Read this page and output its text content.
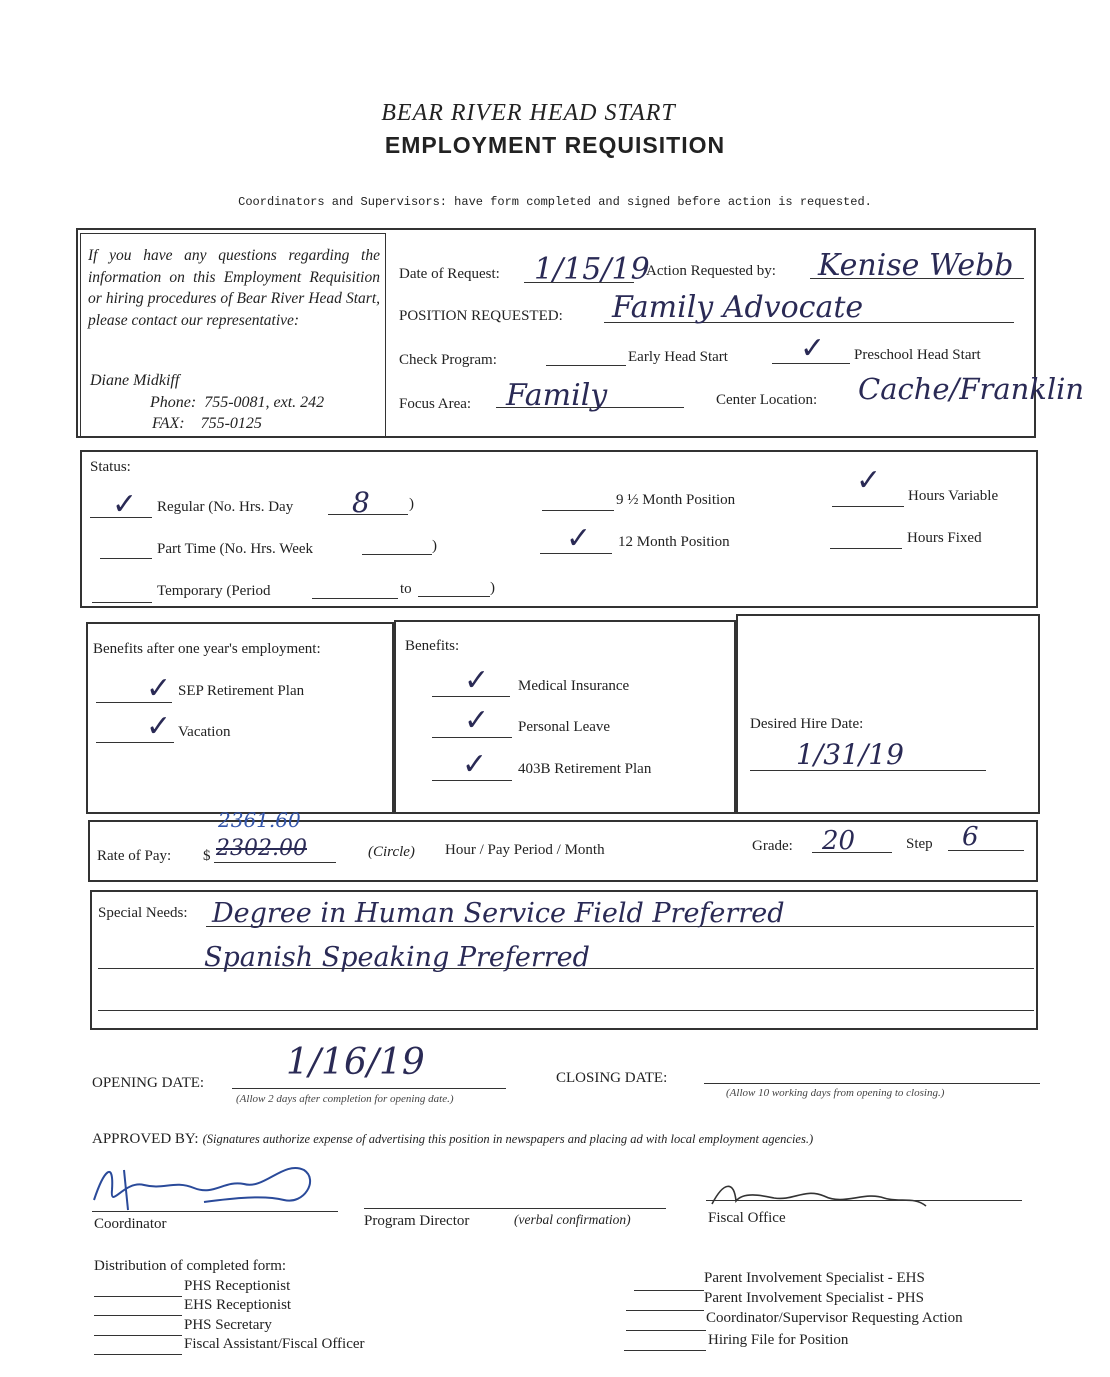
BEAR RIVER HEAD START
EMPLOYMENT REQUISITION
Coordinators and Supervisors: have form completed and signed before action is requested.
If you have any questions regarding the information on this Employment Requisition or hiring procedures of Bear River Head Start, please contact our representative:
Diane Midkiff
Phone: 755-0081, ext. 242
FAX: 755-0125
Date of Request: 1/15/19
Action Requested by: Kenise Webb
POSITION REQUESTED: Family Advocate
Check Program:	Early Head Start ✓ Preschool Head Start
Focus Area: Family	Center Location: Cache/Franklin
Status:
✓ Regular (No. Hrs. Day 8	)
Part Time (No. Hrs. Week	)
Temporary (Period	to	)
9 ½ Month Position
✓ 12 Month Position
✓ Hours Variable
Hours Fixed
Benefits after one year's employment:
✓ SEP Retirement Plan
✓ Vacation
Benefits:
✓ Medical Insurance
✓ Personal Leave
✓ 403B Retirement Plan
Desired Hire Date:
1/31/19
Rate of Pay: $
2361.60
2302.00	(Circle) Hour / Pay Period / Month	Grade: 20	Step 6
Special Needs: Degree in Human Service Field Preferred
Spanish Speaking Preferred
OPENING DATE: 1/16/19
(Allow 2 days after completion for opening date.)
CLOSING DATE:
(Allow 10 working days from opening to closing.)
APPROVED BY: (Signatures authorize expense of advertising this position in newspapers and placing ad with local employment agencies.)
Coordinator	Program Director	(verbal confirmation)	Fiscal Office
Distribution of completed form:
PHS Receptionist
EHS Receptionist
PHS Secretary
Fiscal Assistant/Fiscal Officer
Parent Involvement Specialist - EHS
Parent Involvement Specialist - PHS
Coordinator/Supervisor Requesting Action
Hiring File for Position
